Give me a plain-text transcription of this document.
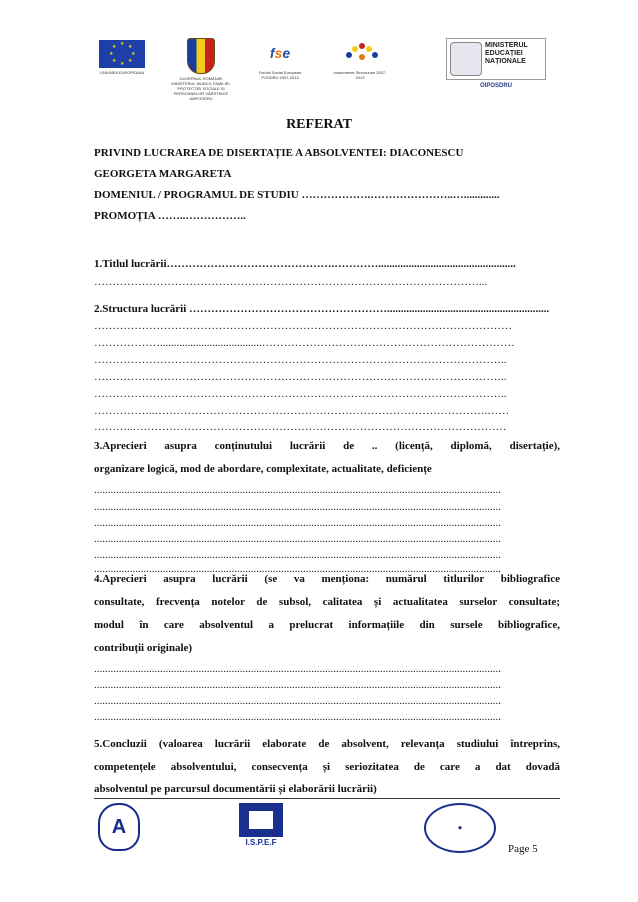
★
★
★
★
★
★
★
★
UNIUNEA EUROPEANA
GUVERNUL ROMÂNIEI MINISTERUL MUNCII, FAMILIEI, PROTECȚIEI SOCIALE ȘI PERSOANELOR VÂRSTNICE AMPOSDRU
fse
Fondul Social European POSDRU 2007-2013
Instrumente Structurale 2007-2013
MINISTERUL
EDUCAȚIEI
NAȚIONALE
OIPOSDRU
REFERAT
PRIVIND LUCRAREA DE DISERTAȚIE A ABSOLVENTEI: DIACONESCU
GEORGETA MARGARETA
DOMENIUL / PROGRAMUL DE STUDIU ……………….…………………..….............
PROMOȚIA ……..……………..
1.Titlul lucrării……………………………………….…………..................................................
……………………………………………………………………………………………...
2.Structura lucrării ………………………………………………...........................................................
……………………………………………………………………………………………………
……………….....................................……………………………………………………………
…………………………………………………………………………………………………..
…………………………………………………………………………………………………..
…………………………………………………………………………………………………..
……………..……………………………………………………………………………….……
………..…………………………………………………………………………………………
3.Aprecieri asupra conținutului lucrării de .. (licență, diplomă, disertație),
organizare logică, mod de abordare, complexitate, actualitate, deficiențe
....................................................................................................................................................
....................................................................................................................................................
....................................................................................................................................................
....................................................................................................................................................
....................................................................................................................................................
....................................................................................................................................................
4.Aprecieri asupra lucrării (se va menționa: numărul titlurilor bibliografice
consultate, frecvența notelor de subsol, calitatea și actualitatea surselor consultate;
modul în care absolventul a prelucrat informațiile din sursele bibliografice,
contribuții originale)
....................................................................................................................................................
....................................................................................................................................................
....................................................................................................................................................
....................................................................................................................................................
5.Concluzii (valoarea lucrării elaborate de absolvent, relevanța studiului întreprins,
competențele absolventului, consecvența și seriozitatea de care a dat dovadă
absolventul pe parcursul documentării și elaborării lucrării)
A
I.S.P.E.F
◆
Page 5
